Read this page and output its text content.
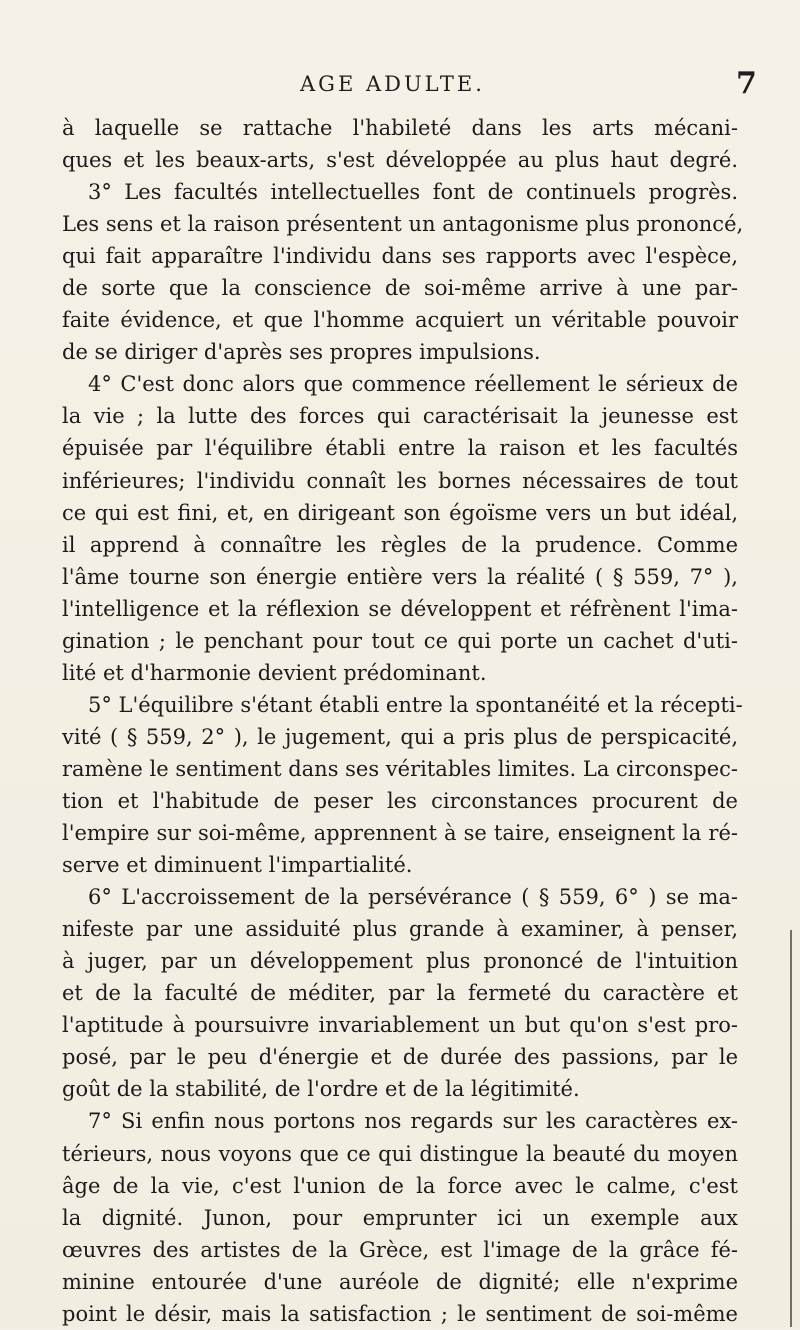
AGE ADULTE.	7
à laquelle se rattache l'habileté dans les arts mécani-
ques et les beaux-arts, s'est développée au plus haut degré.
3° Les facultés intellectuelles font de continuels progrès.
Les sens et la raison présentent un antagonisme plus prononcé,
qui fait apparaître l'individu dans ses rapports avec l'espèce,
de sorte que la conscience de soi-même arrive à une par-
faite évidence, et que l'homme acquiert un véritable pouvoir
de se diriger d'après ses propres impulsions.
4° C'est donc alors que commence réellement le sérieux de
la vie ; la lutte des forces qui caractérisait la jeunesse est
épuisée par l'équilibre établi entre la raison et les facultés
inférieures; l'individu connaît les bornes nécessaires de tout
ce qui est fini, et, en dirigeant son égoïsme vers un but idéal,
il apprend à connaître les règles de la prudence. Comme
l'âme tourne son énergie entière vers la réalité ( § 559, 7° ),
l'intelligence et la réflexion se développent et réfrènent l'ima-
gination ; le penchant pour tout ce qui porte un cachet d'uti-
lité et d'harmonie devient prédominant.
5° L'équilibre s'étant établi entre la spontanéité et la récepti-
vité ( § 559, 2° ), le jugement, qui a pris plus de perspicacité,
ramène le sentiment dans ses véritables limites. La circonspec-
tion et l'habitude de peser les circonstances procurent de
l'empire sur soi-même, apprennent à se taire, enseignent la ré-
serve et diminuent l'impartialité.
6° L'accroissement de la persévérance ( § 559, 6° ) se ma-
nifeste par une assiduité plus grande à examiner, à penser,
à juger, par un développement plus prononcé de l'intuition
et de la faculté de méditer, par la fermeté du caractère et
l'aptitude à poursuivre invariablement un but qu'on s'est pro-
posé, par le peu d'énergie et de durée des passions, par le
goût de la stabilité, de l'ordre et de la légitimité.
7° Si enfin nous portons nos regards sur les caractères ex-
térieurs, nous voyons que ce qui distingue la beauté du moyen
âge de la vie, c'est l'union de la force avec le calme, c'est
la dignité. Junon, pour emprunter ici un exemple aux
œuvres des artistes de la Grèce, est l'image de la grâce fé-
minine entourée d'une auréole de dignité; elle n'exprime
point le désir, mais la satisfaction ; le sentiment de soi-même
